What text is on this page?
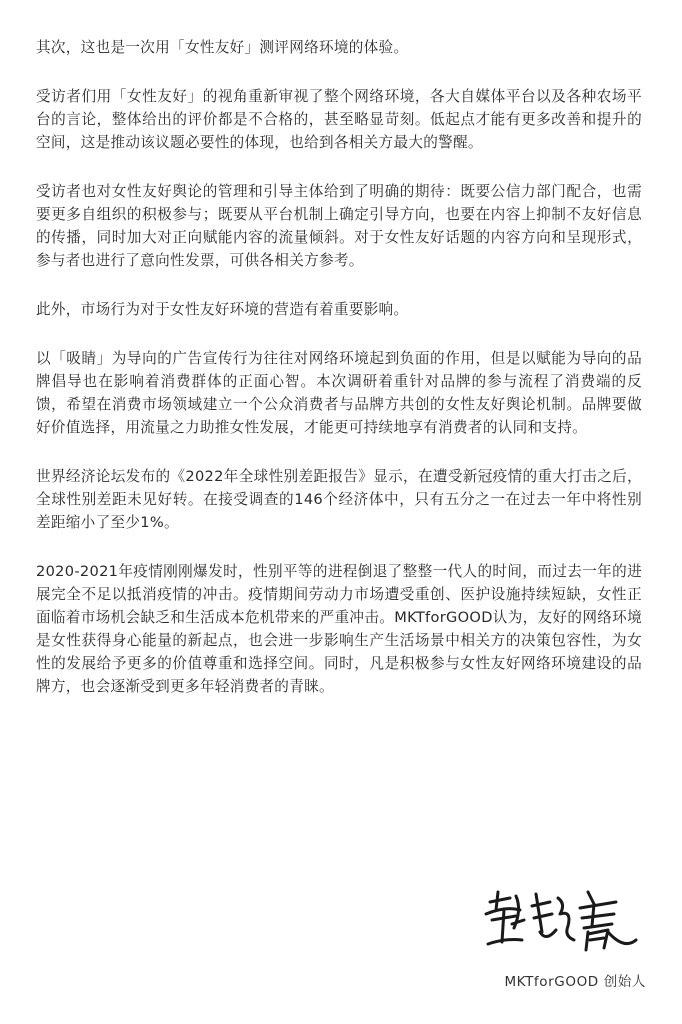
其次，这也是一次用「女性友好」测评网络环境的体验。

受访者们用「女性友好」的视角重新审视了整个网络环境，各大自媒体平台以及各种农场平台的言论，整体给出的评价都是不合格的，甚至略显苛刻。低起点才能有更多改善和提升的空间，这是推动该议题必要性的体现，也给到各相关方最大的警醒。

受访者也对女性友好舆论的管理和引导主体给到了明确的期待：既要公信力部门配合，也需要更多自组织的积极参与；既要从平台机制上确定引导方向，也要在内容上抑制不友好信息的传播，同时加大对正向赋能内容的流量倾斜。对于女性友好话题的内容方向和呈现形式，参与者也进行了意向性发票，可供各相关方参考。

此外，市场行为对于女性友好环境的营造有着重要影响。

以「吸睛」为导向的广告宣传行为往往对网络环境起到负面的作用，但是以赋能为导向的品牌倡导也在影响着消费群体的正面心智。本次调研着重针对品牌的参与流程了消费端的反馈，希望在消费市场领域建立一个公众消费者与品牌方共创的女性友好舆论机制。品牌要做好价值选择，用流量之力助推女性发展，才能更可持续地享有消费者的认同和支持。

世界经济论坛发布的《2022年全球性别差距报告》显示，在遭受新冠疫情的重大打击之后，全球性别差距未见好转。在接受调查的146个经济体中，只有五分之一在过去一年中将性别差距缩小了至少1%。

2020-2021年疫情刚刚爆发时，性别平等的进程倒退了整整一代人的时间，而过去一年的进展完全不足以抵消疫情的冲击。疫情期间劳动力市场遭受重创、医护设施持续短缺，女性正面临着市场机会缺乏和生活成本危机带来的严重冲击。MKTforGOOD认为，友好的网络环境是女性获得身心能量的新起点，也会进一步影响生产生活场景中相关方的决策包容性，为女性的发展给予更多的价值尊重和选择空间。同时，凡是积极参与女性友好网络环境建设的品牌方，也会逐渐受到更多年轻消费者的青睐。

MKTforGOOD 创始人
